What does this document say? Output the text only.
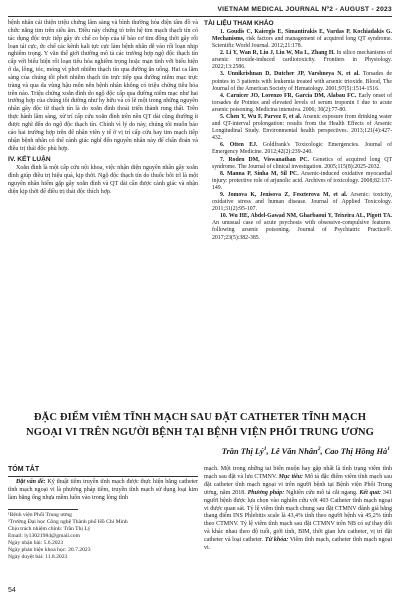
VIETNAM MEDICAL JOURNAL Nº2 - AUGUST - 2023

bệnh nhân cải thiện triệu chứng lâm sàng và bình thường hóa điện tâm đồ và chức năng tim trên siêu âm. Điều này chứng tỏ trên hệ tim mạch thạch tín có tác dụng độc trực tiếp gây ức chế co bóp của tế bào cơ tim đồng thời gây rối loạn tái cực, ức chế các kênh kali tực cực làm bệnh nhân dễ vào rối loạn nhịp nghiêm trọng. Y văn thế giới thường mô tả các trường hợp ngộ độc thạch tín cấp với biểu hiện rối loạn tiêu hóa nghiêm trọng hoặc mạn tính với biểu hiện ở da, lông, tóc, móng vì phơi nhiễm thạch tín qua đường ăn uống. Hai ca lâm sàng của chúng tôi phơi nhiễm thạch tín trực tiếp qua đường niêm mạc trực tràng và qua da vùng hậu môn nên bệnh nhân không có triệu chứng tiêu hóa trên nào. Triệu chứng xoắn đỉnh do ngộ độc cấp qua đường niêm mạc như hai trường hợp của chúng tôi đường như hy hữu và có lẽ một trong những nguyên nhân gây độc từ thạch tín là do xoắn đỉnh thoái triển thành rung thất. Trên thực hành lâm sàng, xử trí cấp cứu xoắn đỉnh trên nền QT dài cũng thường ít được nghĩ đến do ngộ độc thạch tín. Chính vì lý do này, chúng tôi muốn báo cáo hai trường hợp trên để nhân viên y tế ở vị trí cấp cứu hay tim mạch tiếp nhận bệnh nhân có thể cảnh giác nghĩ đến nguyên nhân này để chẩn đoán và điều trị thải độc phù hợp.

IV. KẾT LUẬN

Xoắn đỉnh là một cấp cứu nội khoa, việc nhận diện nguyên nhân gây xoắn đỉnh giúp điều trị hiệu quả, kịp thời. Ngộ độc thạch tín do thuốc bôi trĩ là một nguyên nhân hiếm gặp gây xoắn đỉnh và QT dài cần được cảnh giác và nhận diện kịp thời để điều trị thải độc thích hợp.

TÀI LIỆU THAM KHẢO

1. Goudis C, Kaiergis E, Simantirakis E, Vardas P, Kochiadakis G. Mechanisms, risk factors and management of acquired long QT syndrome. Scientific World Journal. 2012;21:178.

2. Li Y, Wan R, Liu J, Liu W, Ma L, Zhang H. In silico mechanisms of arsenic trioxide-induced cardiotoxicity. Frontiers in Physiology. 2022;13:2586.

3. Unnikrishnan D, Dutcher JP, Varshneya N, et al. Torsades de pointes in 3 patients with leukemia treated with arsenic trioxide. Blood, The Journal of the American Society of Hematology. 2001;97(5):1514-1516.

4. Carnicer JO, Lorenzo FR, García DM, Alabau FC. Early onset of torsades de Pointes and elevated levels of serum troponin I due to acute arsenic poisoning. Medicina intensiva. 2006; 30(2):77-80.

5. Chen Y, Wu F, Parvez F, et al. Arsenic exposure from drinking water and QT-interval prolongation: results from the Health Effects of Arsenic Longitudinal Study. Environmental health perspectives. 2013;121(4):427-432.

6. Otten EJ. Goldfrank's Toxicologic Emergencies. Journal of Emergency Medicine. 2012;42(2):239-240.

7. Roden DM, Viswanathan PC. Genetics of acquired long QT syndrome. The Journal of clinical investigation. 2005;115(8):2025-2032.

8. Manna P, Sinha M, Sil PC. Arsenic-induced oxidative myocardial injury: protective role of arjunolic acid. Archives of toxicology. 2008;82:137-149.

9. Jomova K, Jenisova Z, Feszterova M, et al. Arsenic: toxicity, oxidative stress and human disease. Journal of Applied Toxicology. 2011;31(2):95-107.

10. Wu HE, Abdel-Gawad NM, Gharbaoui Y, Teixeira AL, Pigott TA. An unusual case of acute psychosis with obsessive-compulsive features following arsenic poisoning. Journal of Psychiatric Practice®. 2017;23(5):382-385.

ĐẶC ĐIỂM VIÊM TĨNH MẠCH SAU ĐẶT CATHETER TĨNH MẠCH
NGOẠI VI TRÊN NGƯỜI BỆNH TẠI BỆNH VIỆN PHỔI TRUNG ƯƠNG
Trần Thị $Lý^1$, Lê Văn Nhân$^2$, Cao Thị Hồng $Hà^1$
TÓM TẮT

Đặt vấn đề: Kỹ thuật tiêm truyền tĩnh mạch được thực hiện bằng catheter tĩnh mạch ngoại vi là phương pháp tiêm, truyền tĩnh mạch sử dụng loại kim làm bằng ống nhựa mềm luồn vào trong lòng tĩnh

¹Bệnh viện Phổi Trung ương

²Trường Đại học Công nghệ Thành phố Hồ Chí Minh

Chịu trách nhiệm chính: Trần Thị Lý

Email: ly13021984@gmail.com

Ngày nhận bài: 5.6.2023

Ngày phản biện khoa học: 20.7.2023

Ngày duyệt bài: 11.8.2023

mạch. Một trong những tai biến muộn hay gặp nhất là tình trạng viêm tĩnh mạch sau đặt và lưu CTMNV. Mục tiêu: Mô tả đặc điểm viêm tĩnh mạch sau đặt catheter tĩnh mạch ngoại vi trên người bệnh tại Bệnh viện Phổi Trung ương, năm 2018. Phương pháp: Nghiên cứu mô tả cắt ngang. Kết quả: 341 người bệnh được lựa chọn vào nghiên cứu với 403 Catheter tĩnh mạch ngoại vi được quan sát. Tỷ lệ viêm tĩnh mạch chung sau đặt CTMNV đánh giá bằng thang điểm INS Phlebitis scale là 43,4% tính theo người bệnh và 45,2% tính theo CTMNV. Tỷ lệ viêm tĩnh mạch sau đặt CTMNV trên NB có sự thay đổi và khác nhau theo độ tuổi, giới tính, BIM, thời gian lưu catheter, vị trí đặt catheter và loại catheter. Từ khóa: Viêm tĩnh mạch, catheter tĩnh mạch ngoại vi.

54
